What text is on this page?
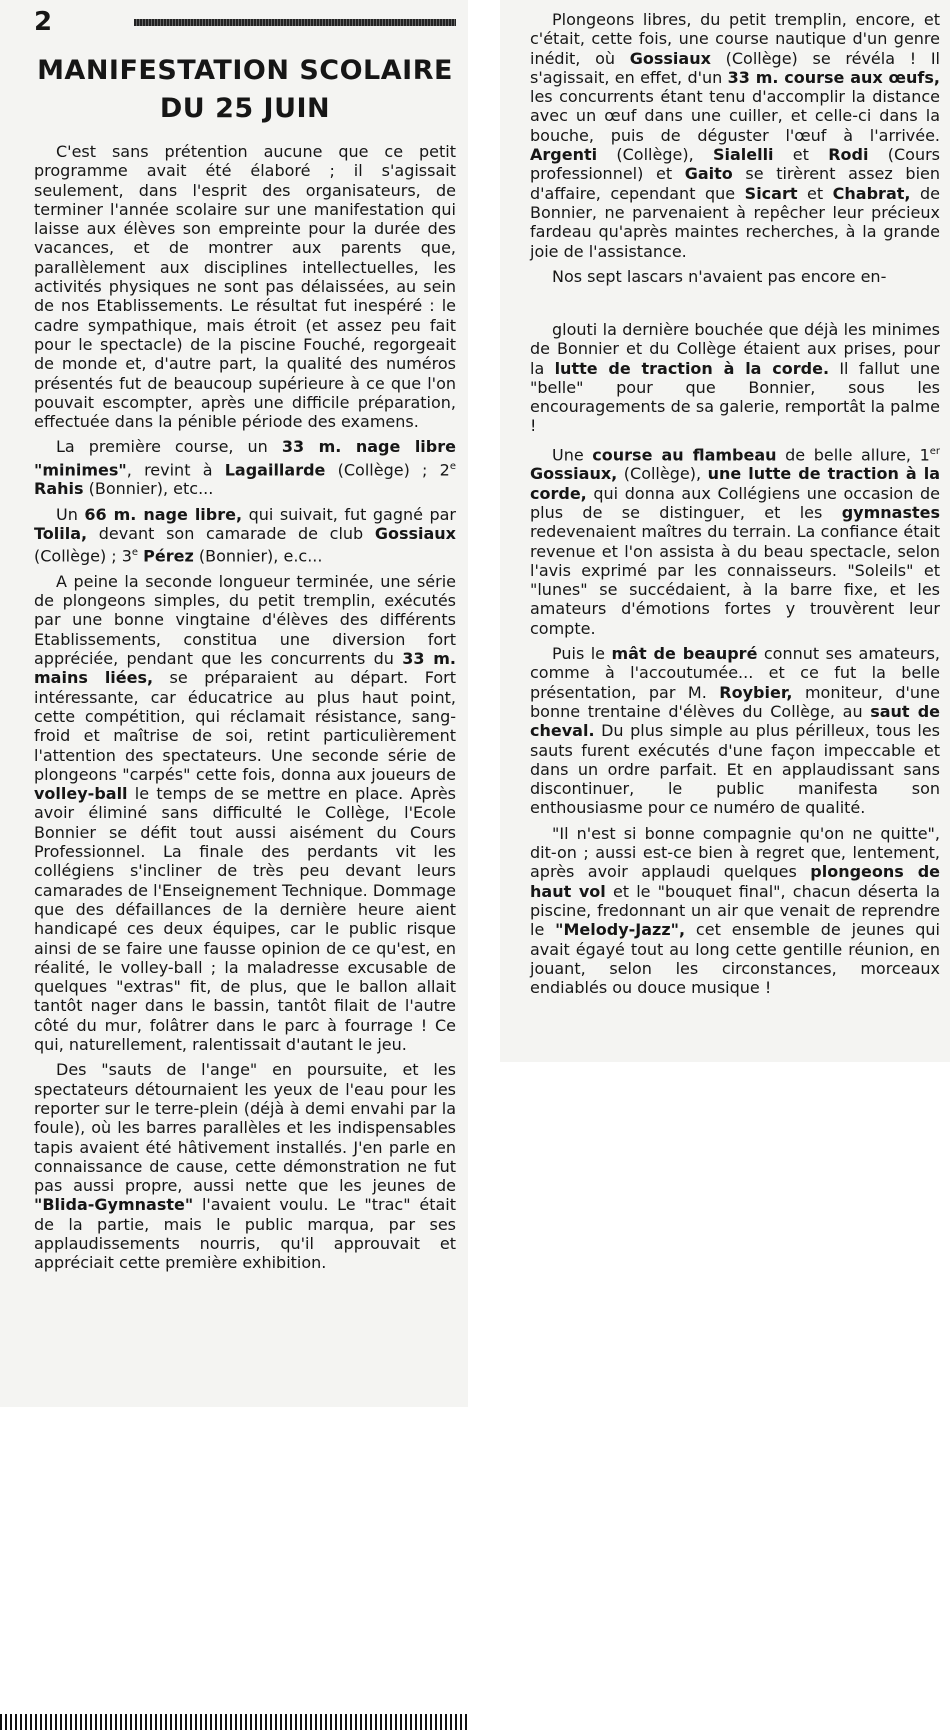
2
MANIFESTATION SCOLAIRE
DU 25 JUIN

C'est sans prétention aucune que ce petit programme avait été élaboré ; il s'agissait seulement, dans l'esprit des organisateurs, de terminer l'année scolaire sur une manifestation qui laisse aux élèves son empreinte pour la durée des vacances, et de montrer aux parents que, parallèlement aux disciplines intellectuelles, les activités physiques ne sont pas délaissées, au sein de nos Etablissements. Le résultat fut inespéré : le cadre sympathique, mais étroit (et assez peu fait pour le spectacle) de la piscine Fouché, regorgeait de monde et, d'autre part, la qualité des numéros présentés fut de beaucoup supérieure à ce que l'on pouvait escompter, après une difficile préparation, effectuée dans la pénible période des examens.

La première course, un 33 m. nage libre "minimes", revint à Lagaillarde (Collège) ; 2e Rahis (Bonnier), etc...

Un 66 m. nage libre, qui suivait, fut gagné par Tolila, devant son camarade de club Gossiaux (Collège) ; 3e Pérez (Bonnier), e.c...

A peine la seconde longueur terminée, une série de plongeons simples, du petit tremplin, exécutés par une bonne vingtaine d'élèves des différents Etablissements, constitua une diversion fort appréciée, pendant que les concurrents du 33 m. mains liées, se préparaient au départ. Fort intéressante, car éducatrice au plus haut point, cette compétition, qui réclamait résistance, sang-froid et maîtrise de soi, retint particulièrement l'attention des spectateurs. Une seconde série de plongeons "carpés" cette fois, donna aux joueurs de volley-ball le temps de se mettre en place. Après avoir éliminé sans difficulté le Collège, l'Ecole Bonnier se défit tout aussi aisément du Cours Professionnel. La finale des perdants vit les collégiens s'incliner de très peu devant leurs camarades de l'Enseignement Technique. Dommage que des défaillances de la dernière heure aient handicapé ces deux équipes, car le public risque ainsi de se faire une fausse opinion de ce qu'est, en réalité, le volley-ball ; la maladresse excusable de quelques "extras" fit, de plus, que le ballon allait tantôt nager dans le bassin, tantôt filait de l'autre côté du mur, folâtrer dans le parc à fourrage ! Ce qui, naturellement, ralentissait d'autant le jeu.

Des "sauts de l'ange" en poursuite, et les spectateurs détournaient les yeux de l'eau pour les reporter sur le terre-plein (déjà à demi envahi par la foule), où les barres parallèles et les indispensables tapis avaient été hâtivement installés. J'en parle en connaissance de cause, cette démonstration ne fut pas aussi propre, aussi nette que les jeunes de "Blida-Gymnaste" l'avaient voulu. Le "trac" était de la partie, mais le public marqua, par ses applaudissements nourris, qu'il approuvait et appréciait cette première exhibition.

Plongeons libres, du petit tremplin, encore, et c'était, cette fois, une course nautique d'un genre inédit, où Gossiaux (Collège) se révéla ! Il s'agissait, en effet, d'un 33 m. course aux œufs, les concurrents étant tenu d'accomplir la distance avec un œuf dans une cuiller, et celle-ci dans la bouche, puis de déguster l'œuf à l'arrivée. Argenti (Collège), Sialelli et Rodi (Cours professionnel) et Gaito se tirèrent assez bien d'affaire, cependant que Sicart et Chabrat, de Bonnier, ne parvenaient à repêcher leur précieux fardeau qu'après maintes recherches, à la grande joie de l'assistance.

Nos sept lascars n'avaient pas encore en-

glouti la dernière bouchée que déjà les minimes de Bonnier et du Collège étaient aux prises, pour la lutte de traction à la corde. Il fallut une "belle" pour que Bonnier, sous les encouragements de sa galerie, remportât la palme !

Une course au flambeau de belle allure, 1er Gossiaux, (Collège), une lutte de traction à la corde, qui donna aux Collégiens une occasion de plus de se distinguer, et les gymnastes redevenaient maîtres du terrain. La confiance était revenue et l'on assista à du beau spectacle, selon l'avis exprimé par les connaisseurs. "Soleils" et "lunes" se succédaient, à la barre fixe, et les amateurs d'émotions fortes y trouvèrent leur compte.

Puis le mât de beaupré connut ses amateurs, comme à l'accoutumée... et ce fut la belle présentation, par M. Roybier, moniteur, d'une bonne trentaine d'élèves du Collège, au saut de cheval. Du plus simple au plus périlleux, tous les sauts furent exécutés d'une façon impeccable et dans un ordre parfait. Et en applaudissant sans discontinuer, le public manifesta son enthousiasme pour ce numéro de qualité.

"Il n'est si bonne compagnie qu'on ne quitte", dit-on ; aussi est-ce bien à regret que, lentement, après avoir applaudi quelques plongeons de haut vol et le "bouquet final", chacun déserta la piscine, fredonnant un air que venait de reprendre le "Melody-Jazz", cet ensemble de jeunes qui avait égayé tout au long cette gentille réunion, en jouant, selon les circonstances, morceaux endiablés ou douce musique !
